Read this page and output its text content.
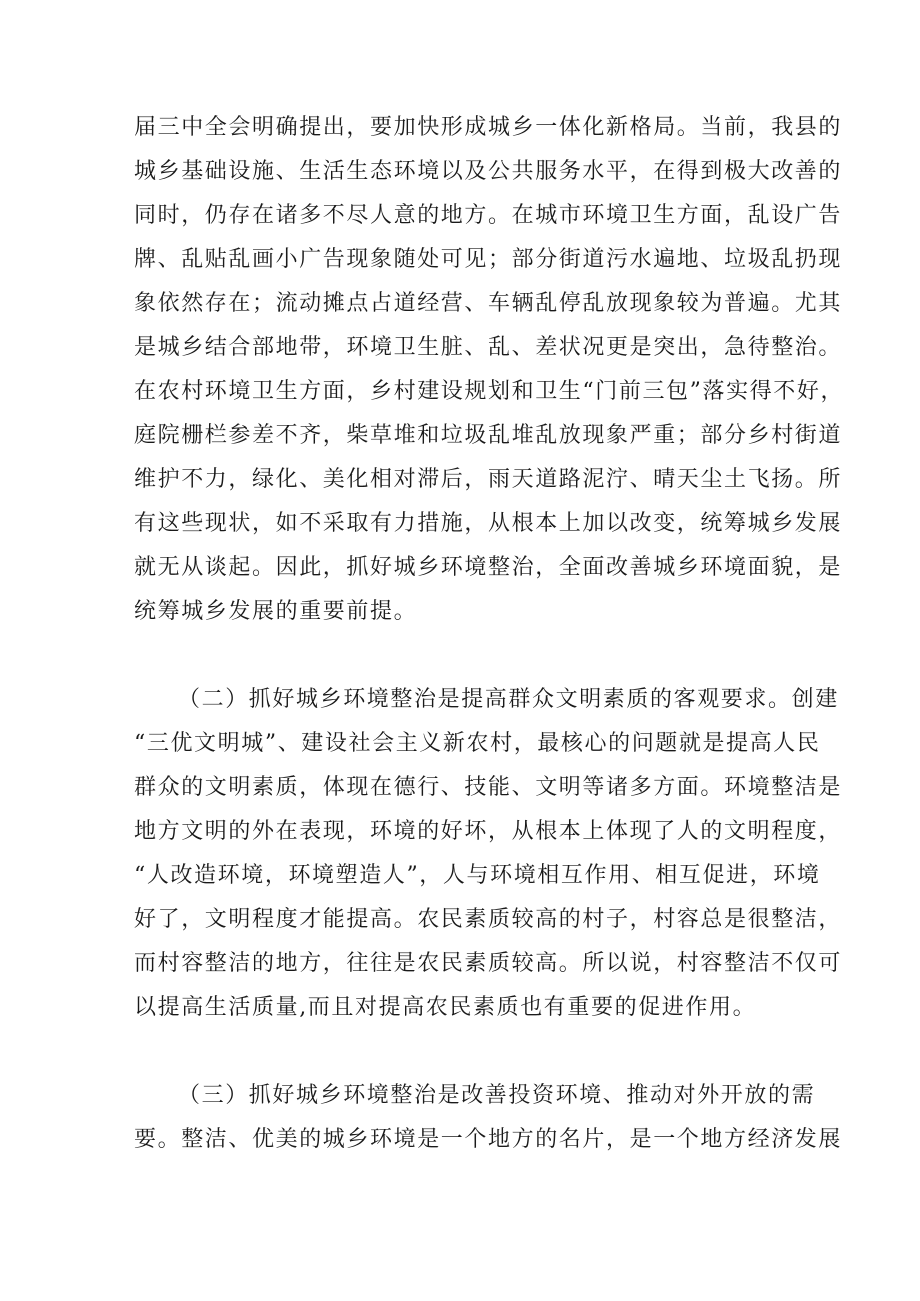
届三中全会明确提出，要加快形成城乡一体化新格局。当前，我县的
城乡基础设施、生活生态环境以及公共服务水平，在得到极大改善的
同时，仍存在诸多不尽人意的地方。在城市环境卫生方面，乱设广告
牌、乱贴乱画小广告现象随处可见；部分街道污水遍地、垃圾乱扔现
象依然存在；流动摊点占道经营、车辆乱停乱放现象较为普遍。尤其
是城乡结合部地带，环境卫生脏、乱、差状况更是突出，急待整治。
在农村环境卫生方面，乡村建设规划和卫生“门前三包”落实得不好，
庭院栅栏参差不齐，柴草堆和垃圾乱堆乱放现象严重；部分乡村街道
维护不力，绿化、美化相对滞后，雨天道路泥泞、晴天尘土飞扬。所
有这些现状，如不采取有力措施，从根本上加以改变，统筹城乡发展
就无从谈起。因此，抓好城乡环境整治，全面改善城乡环境面貌，是
统筹城乡发展的重要前提。
（二）抓好城乡环境整治是提高群众文明素质的客观要求。创建
“三优文明城”、建设社会主义新农村，最核心的问题就是提高人民
群众的文明素质，体现在德行、技能、文明等诸多方面。环境整洁是
地方文明的外在表现，环境的好坏，从根本上体现了人的文明程度，
“人改造环境，环境塑造人”，人与环境相互作用、相互促进，环境
好了，文明程度才能提高。农民素质较高的村子，村容总是很整洁，
而村容整洁的地方，往往是农民素质较高。所以说，村容整洁不仅可
以提高生活质量,而且对提高农民素质也有重要的促进作用。
（三）抓好城乡环境整治是改善投资环境、推动对外开放的需
要。整洁、优美的城乡环境是一个地方的名片，是一个地方经济发展
